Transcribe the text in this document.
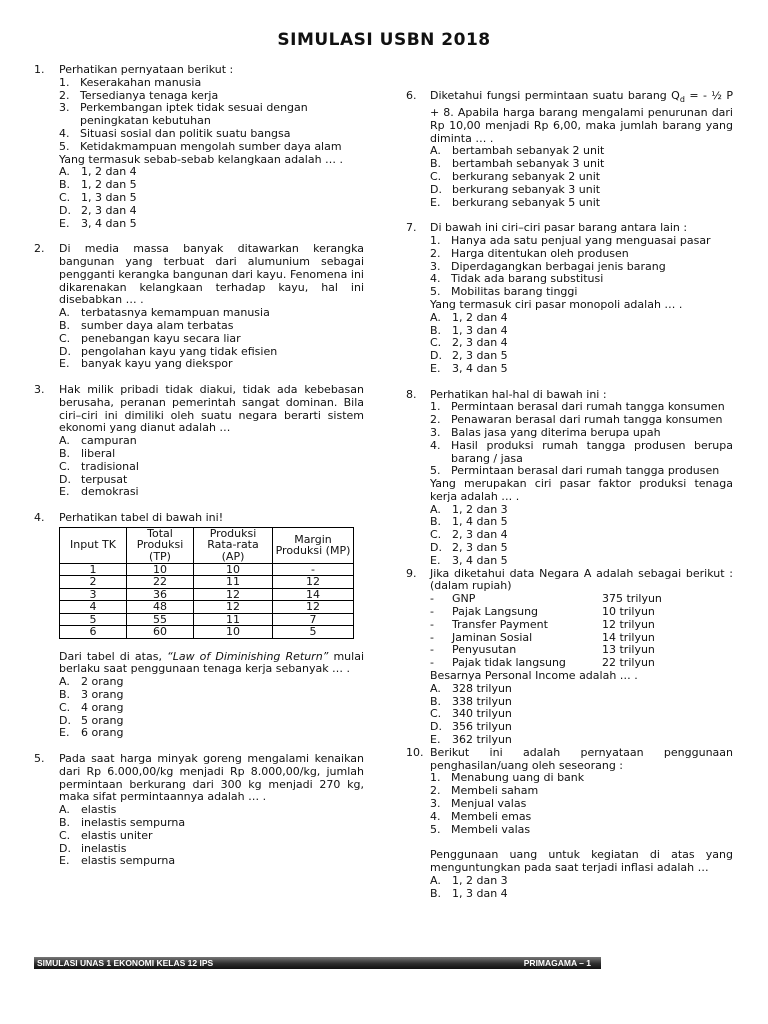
SIMULASI USBN 2018
1.	Perhatikan pernyataan berikut :
1. Keserakahan manusia
2. Tersedianya tenaga kerja
3. Perkembangan iptek tidak sesuai dengan peningkatan kebutuhan
4. Situasi sosial dan politik suatu bangsa
5. Ketidakmampuan mengolah sumber daya alam
Yang termasuk sebab-sebab kelangkaan adalah … .
A.	1, 2 dan 4
B. 1, 2 dan 5
C. 1, 3 dan 5
D. 2, 3 dan 4
E.	3, 4 dan 5
2.	Di media massa banyak ditawarkan kerangka bangunan yang terbuat dari alumunium sebagai pengganti kerangka bangunan dari kayu. Fenomena ini dikarenakan kelangkaan terhadap kayu, hal ini disebabkan … .
A.	terbatasnya kemampuan manusia
B. sumber daya alam terbatas
C. penebangan kayu secara liar
D. pengolahan kayu yang tidak efisien
E.	banyak kayu yang diekspor
3.	Hak milik pribadi tidak diakui, tidak ada kebebasan berusaha, peranan pemerintah sangat dominan. Bila ciri–ciri ini dimiliki oleh suatu negara berarti sistem ekonomi yang dianut adalah …
A.	campuran
B. liberal
C. tradisional
D. terpusat
E.	demokrasi
4.	Perhatikan tabel di bawah ini!
Input TK	Total Produksi (TP)	Produksi Rata-rata (AP)	Margin Produksi (MP)
1	10	10	-
2	22	11	12
3	36	12	14
4	48	12	12
5	55	11	7
6	60	10	5
Dari tabel di atas, “Law of Diminishing Return” mulai berlaku saat penggunaan tenaga kerja sebanyak … .
A.	2 orang
B. 3 orang
C. 4 orang
D. 5 orang
E.	6 orang
5.	Pada saat harga minyak goreng mengalami kenaikan dari Rp 6.000,00/kg menjadi Rp 8.000,00/kg, jumlah permintaan berkurang dari 300 kg menjadi 270 kg, maka sifat permintaannya adalah … .
A.	elastis
B. inelastis sempurna
C. elastis uniter
D. inelastis
E.	elastis sempurna
6.	Diketahui fungsi permintaan suatu barang $Q_d$ = - ½ P + 8. Apabila harga barang mengalami penurunan dari Rp 10,00 menjadi Rp 6,00, maka jumlah barang yang diminta … .
A.	bertambah sebanyak 2 unit
B. bertambah sebanyak 3 unit
C. berkurang sebanyak 2 unit
D. berkurang sebanyak 3 unit
E.	berkurang sebanyak 5 unit
7.	Di bawah ini ciri–ciri pasar barang antara lain :
1. Hanya ada satu penjual yang menguasai pasar
2. Harga ditentukan oleh produsen
3. Diperdagangkan berbagai jenis barang
4. Tidak ada barang substitusi
5. Mobilitas barang tinggi
Yang termasuk ciri pasar monopoli adalah … .
A.	1, 2 dan 4
B. 1, 3 dan 4
C. 2, 3 dan 4
D. 2, 3 dan 5
E.	3, 4 dan 5
8.	Perhatikan hal-hal di bawah ini :
1. Permintaan berasal dari rumah tangga konsumen
2. Penawaran berasal dari rumah tangga konsumen
3. Balas jasa yang diterima berupa upah
4. Hasil produksi rumah tangga produsen berupa barang / jasa
5. Permintaan berasal dari rumah tangga produsen
Yang merupakan ciri pasar faktor produksi tenaga kerja adalah … .
A.	1, 2 dan 3
B. 1, 4 dan 5
C. 2, 3 dan 4
D. 2, 3 dan 5
E.	3, 4 dan 5
9.	Jika diketahui data Negara A adalah sebagai berikut : (dalam rupiah)
-	GNP	375 trilyun
-	Pajak Langsung	10 trilyun
-	Transfer Payment	12 trilyun
-	Jaminan Sosial	14 trilyun
-	Penyusutan	13 trilyun
-	Pajak tidak langsung	22 trilyun
Besarnya Personal Income adalah … .
A.	328 trilyun
B. 338 trilyun
C. 340 trilyun
D. 356 trilyun
E.	362 trilyun
10. Berikut ini adalah pernyataan penggunaan penghasilan/uang oleh seseorang :
1. Menabung uang di bank
2. Membeli saham
3. Menjual valas
4. Membeli emas
5. Membeli valas
Penggunaan uang untuk kegiatan di atas yang menguntungkan pada saat terjadi inflasi adalah …
A.	1, 2 dan 3
B. 1, 3 dan 4
SIMULASI UNAS 1 EKONOMI KELAS 12 IPS	PRIMAGAMA – 1
